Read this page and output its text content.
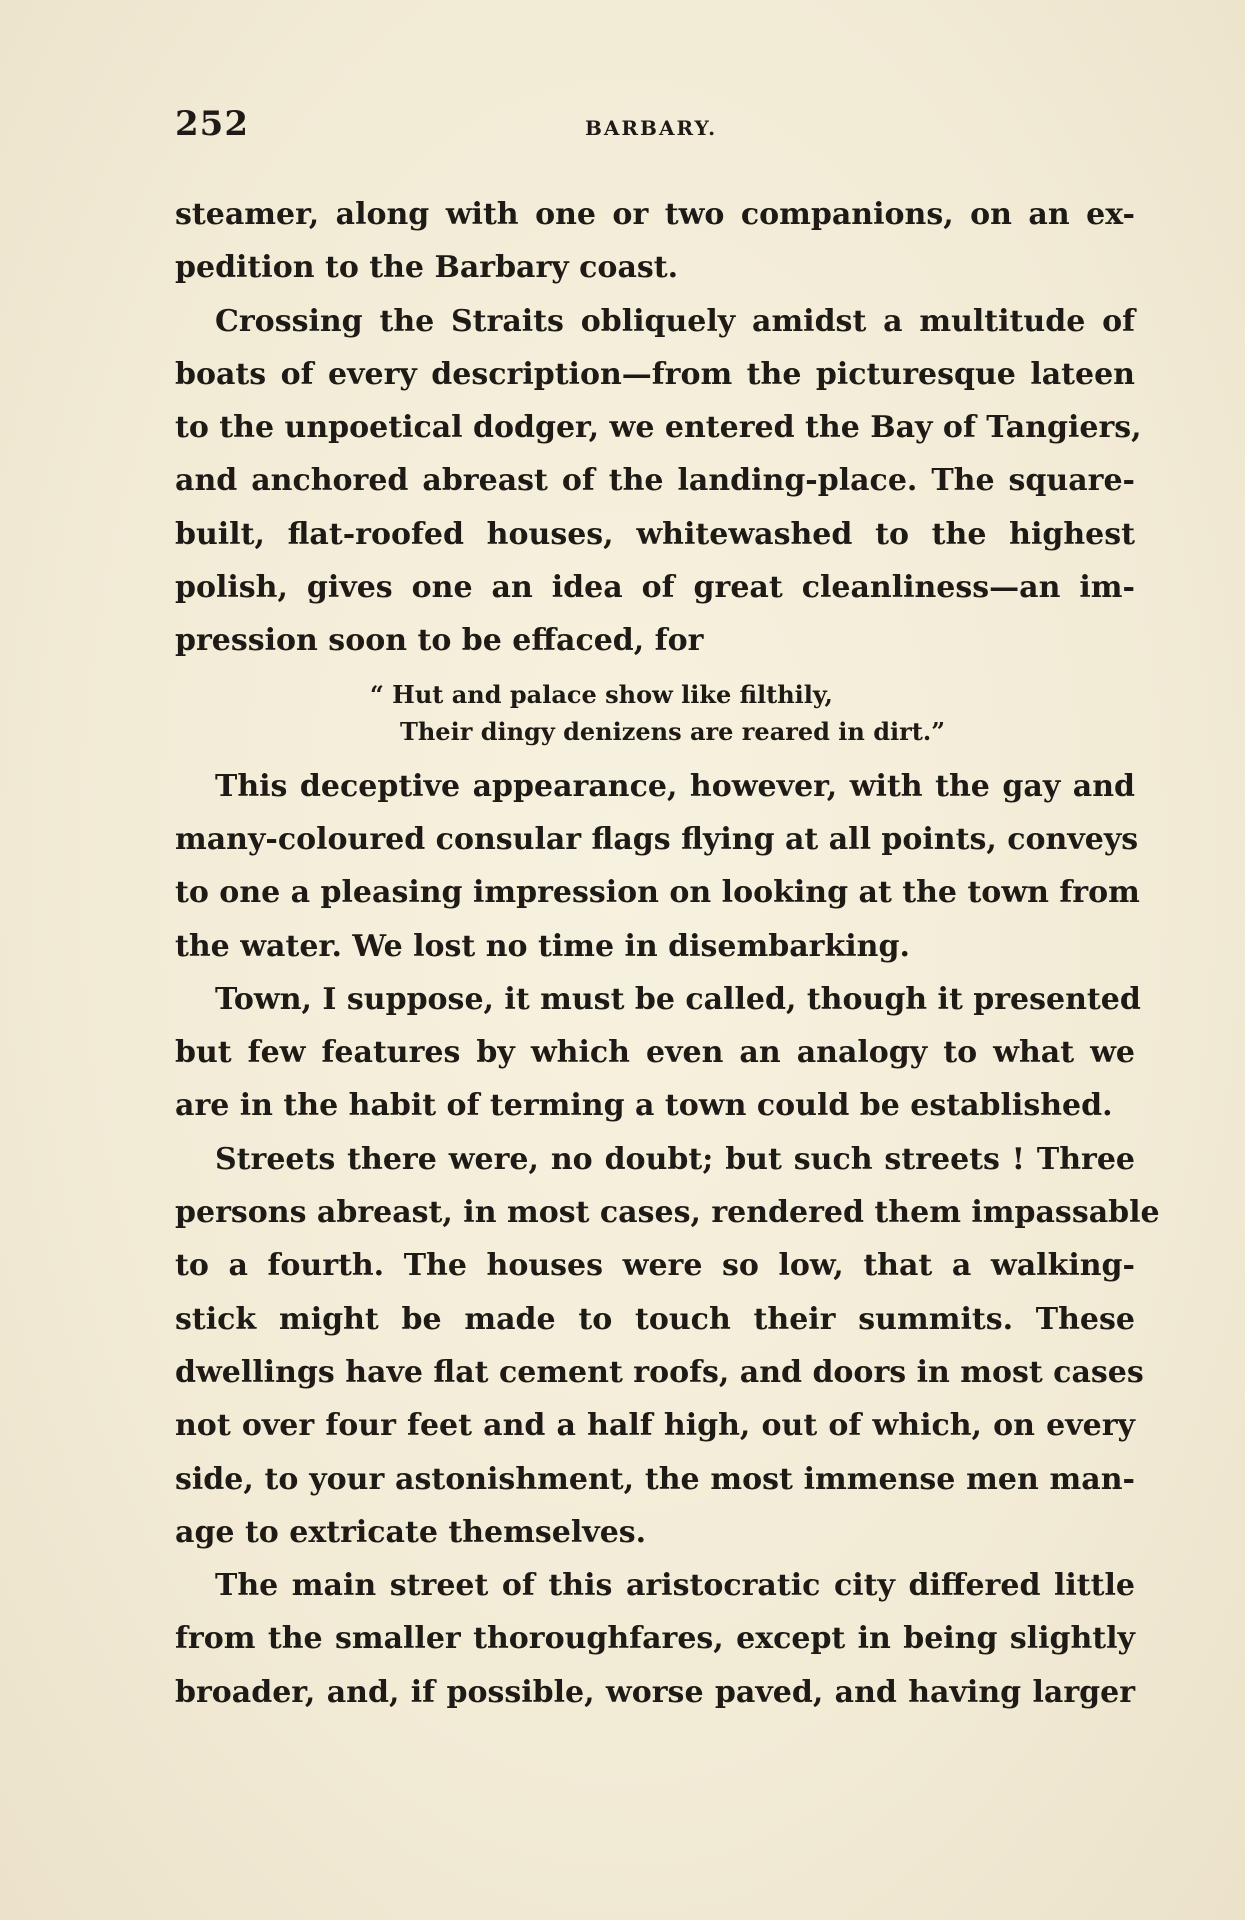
252	BARBARY.
steamer, along with one or two companions, on an ex-
pedition to the Barbary coast.
Crossing the Straits obliquely amidst a multitude of
boats of every description—from the picturesque lateen
to the unpoetical dodger, we entered the Bay of Tangiers,
and anchored abreast of the landing-place. The square-
built, flat-roofed houses, whitewashed to the highest
polish, gives one an idea of great cleanliness—an im-
pression soon to be effaced, for
“ Hut and palace show like filthily,
Their dingy denizens are reared in dirt.”
This deceptive appearance, however, with the gay and
many-coloured consular flags flying at all points, conveys
to one a pleasing impression on looking at the town from
the water. We lost no time in disembarking.
Town, I suppose, it must be called, though it presented
but few features by which even an analogy to what we
are in the habit of terming a town could be established.
Streets there were, no doubt; but such streets ! Three
persons abreast, in most cases, rendered them impassable
to a fourth. The houses were so low, that a walking-
stick might be made to touch their summits. These
dwellings have flat cement roofs, and doors in most cases
not over four feet and a half high, out of which, on every
side, to your astonishment, the most immense men man-
age to extricate themselves.
The main street of this aristocratic city differed little
from the smaller thoroughfares, except in being slightly
broader, and, if possible, worse paved, and having larger
